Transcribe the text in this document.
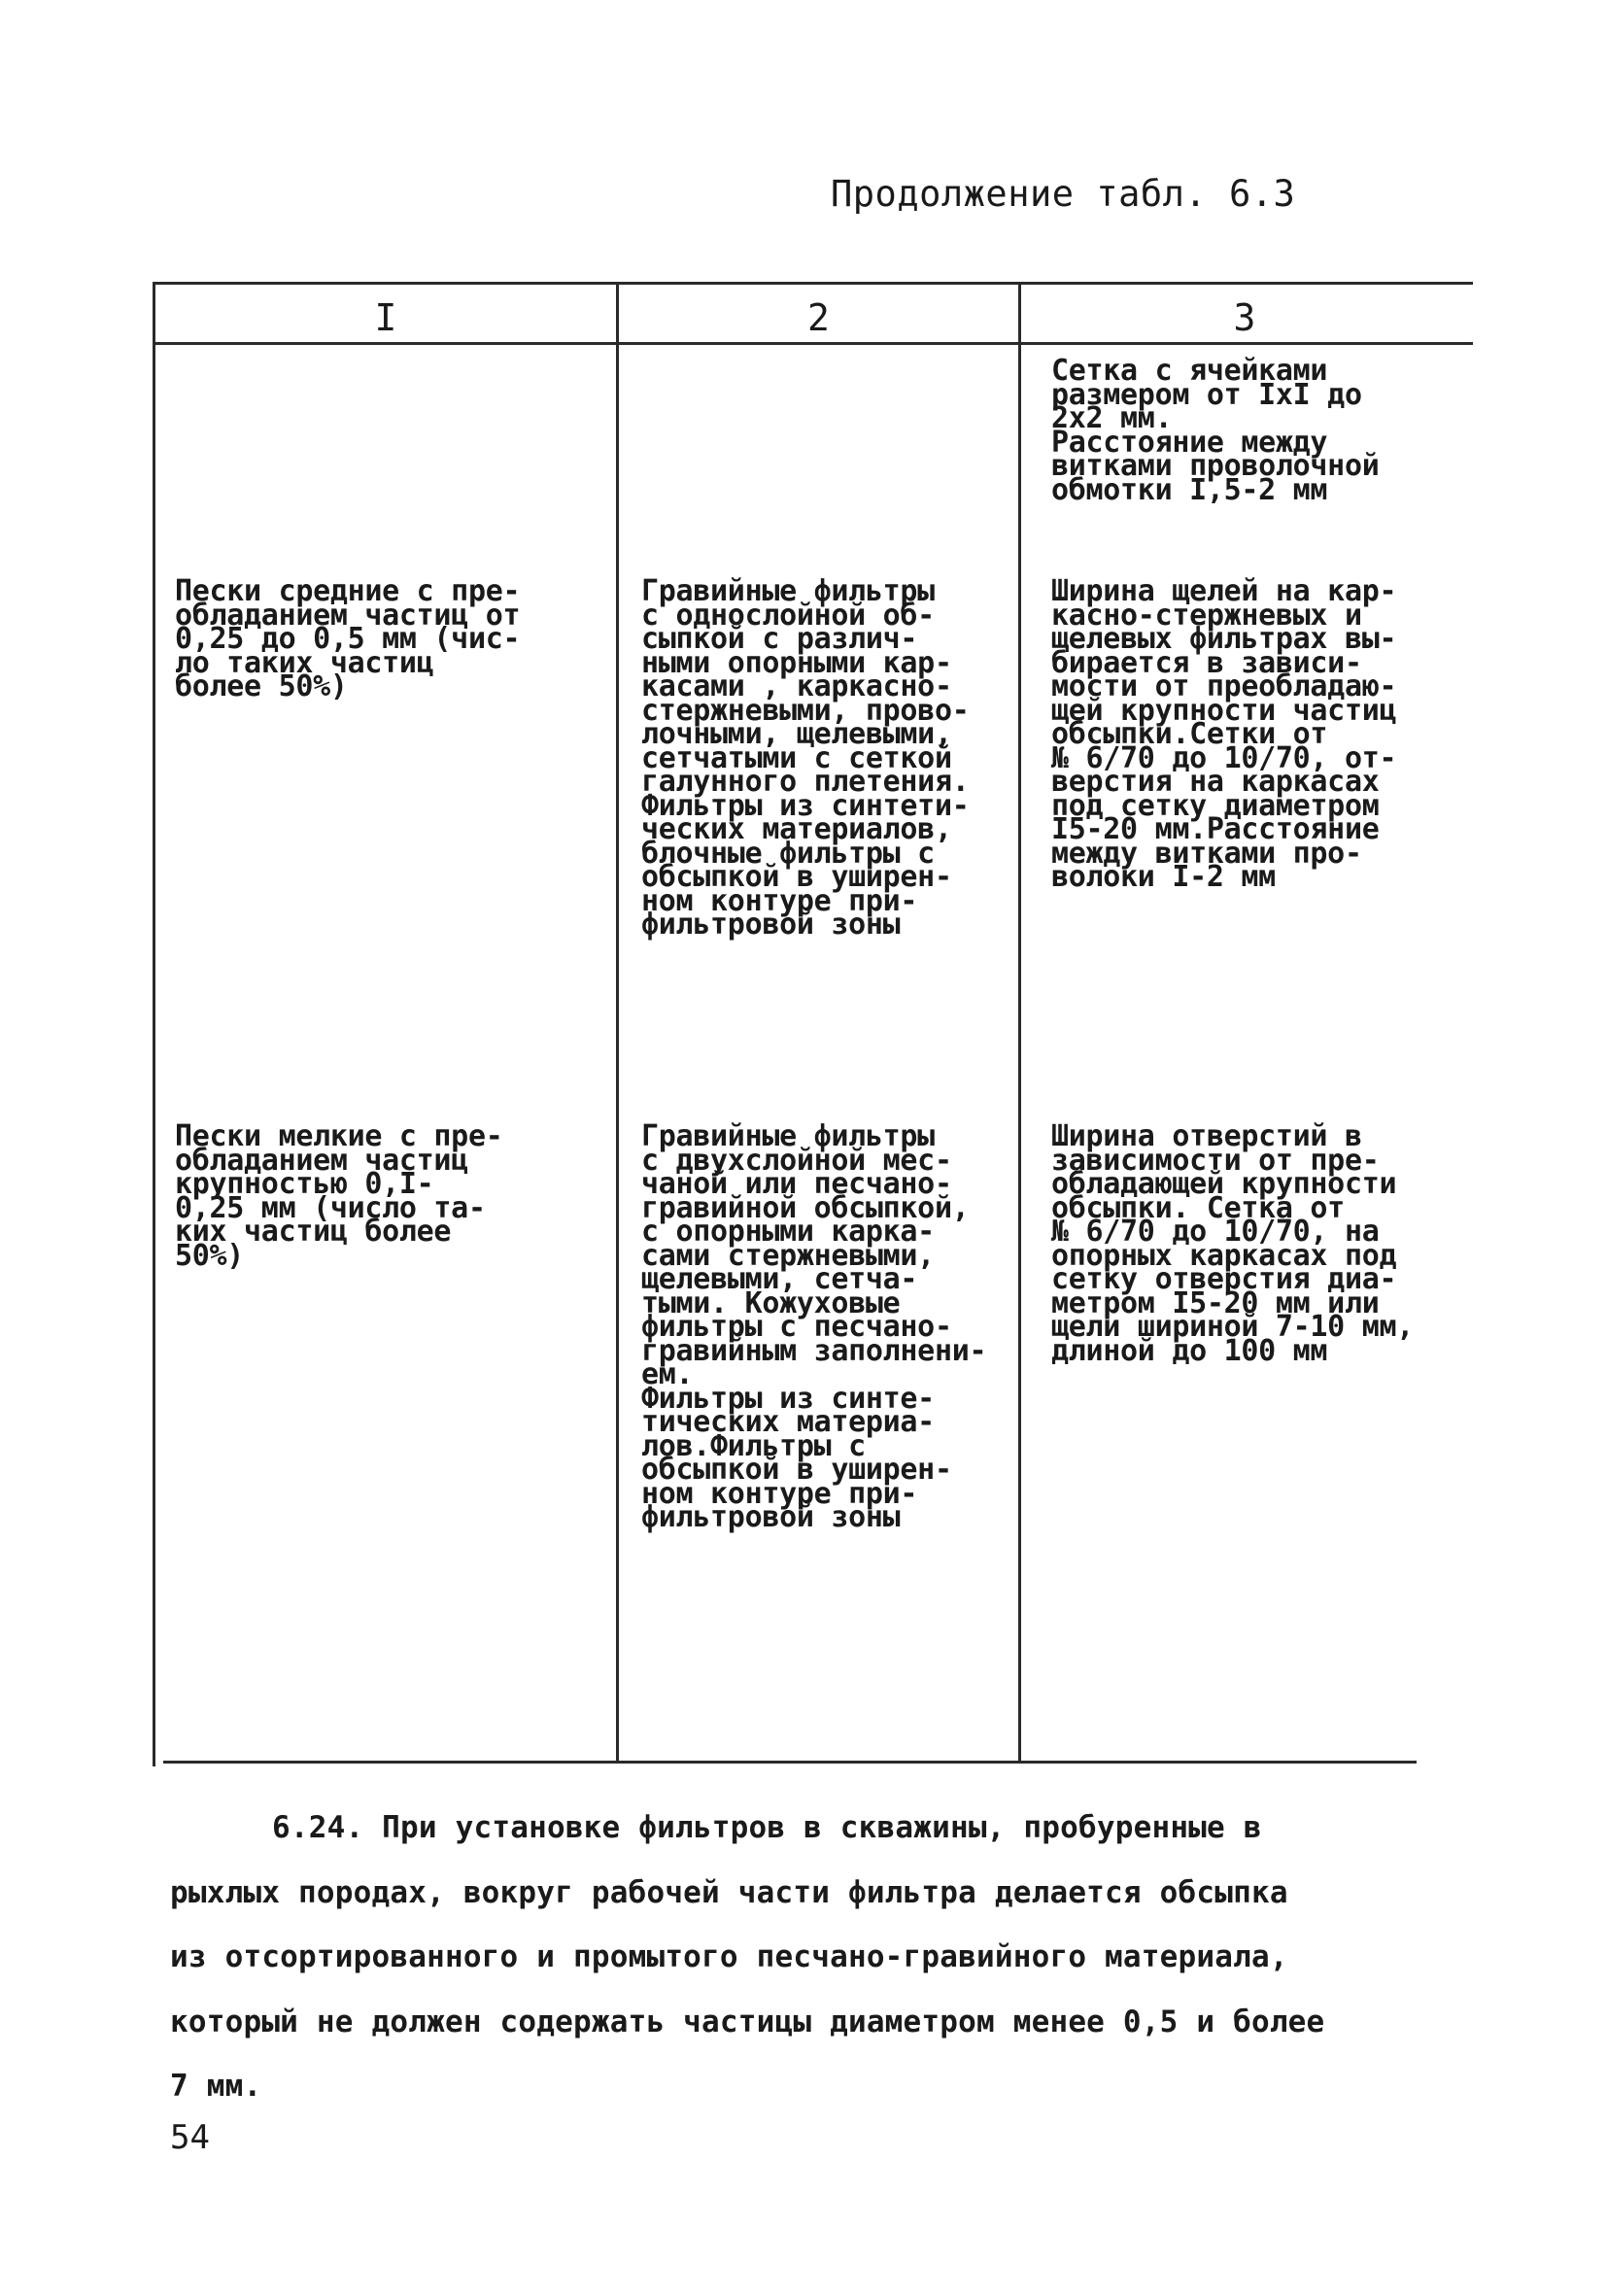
Продолжение табл. 6.3
I	2	3
Сетка с ячейками
размером от IxI до
2x2 мм.
Расстояние между
витками проволочной
обмотки I,5-2 мм
Пески средние с пре-
обладанием частиц от
0,25 до 0,5 мм (чис-
ло таких частиц
более 50%)
Гравийные фильтры
с однослойной об-
сыпкой с различ-
ными опорными кар-
касами , каркасно-
стержневыми, прово-
лочными, щелевыми,
сетчатыми с сеткой
галунного плетения.
Фильтры из синтети-
ческих материалов,
блочные фильтры с
обсыпкой в уширен-
ном контуре при-
фильтровой зоны
Ширина щелей на кар-
касно-стержневых и
щелевых фильтрах вы-
бирается в зависи-
мости от преобладаю-
щей крупности частиц
обсыпки.Сетки от
№ 6/70 до 10/70, от-
верстия на каркасах
под сетку диаметром
I5-20 мм.Расстояние
между витками про-
волоки I-2 мм
Пески мелкие с пре-
обладанием частиц
крупностью 0,I-
0,25 мм (число та-
ких частиц более
50%)
Гравийные фильтры
с двухслойной мес-
чаной или песчано-
гравийной обсыпкой,
с опорными карка-
сами стержневыми,
щелевыми, сетча-
тыми. Кожуховые
фильтры с песчано-
гравийным заполнени-
ем.
Фильтры из синте-
тических материа-
лов.Фильтры с
обсыпкой в уширен-
ном контуре при-
фильтровой зоны
Ширина отверстий в
зависимости от пре-
обладающей крупности
обсыпки. Сетка от
№ 6/70 до 10/70, на
опорных каркасах под
сетку отверстия диа-
метром I5-20 мм или
щели шириной 7-10 мм,
длиной до 100 мм
6.24. При установке фильтров в скважины, пробуренные в
рыхлых породах, вокруг рабочей части фильтра делается обсыпка
из отсортированного и промытого песчано-гравийного материала,
который не должен содержать частицы диаметром менее 0,5 и более
7 мм.
54
